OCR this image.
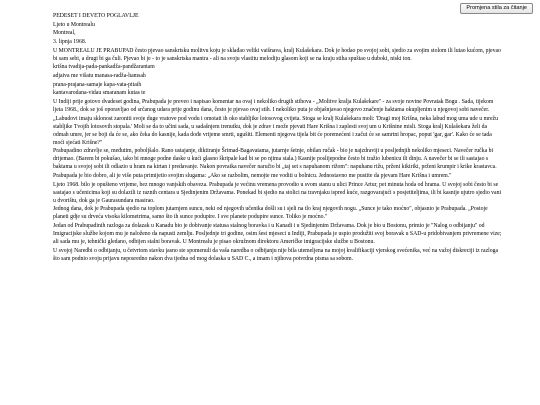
Promjena stila za čitanje

PEDESET I DEVETO POGLAVLJE

Ljeto u Montrealu

Montreal,

3. lipnja 1968.

U MONTREALU JE PRABUPAD često pjevao sanskrtsku molitvu koju je sklađao veliki vaišnava, kralj Kulašekara. Dok je hodao po svojoj sobi, sjedio za svojim stolom ili lutao kućom, pjevao bi sam sebi, a drugi bi ga čuli. Pjevao bi je - to je sanskrtska mantra - ali na svoju vlastitu melodiju glasom koji se na kraju stiha spuštao u duboki, niski ton.

krišna tvadija-pada-pankadža-pandžarantam

adjaiva me višatu manasa-radža-hamsah

prana-prajana-samaje kapa-vata-pitaih

kantavarodana-vidau smaranam kutas te

U Indiji prije gotovo dvadeset godina, Prabupada je preveo i napisao komentar na ovaj i nekoliko drugih stihova - „Molitve kralja Kulašekare" - za svoje novine Povratak Bogu . Sada, tijekom ljeta 1968., dok se još oporavljao od srčanog udara prije godinu dana, često je pjevao ovaj stih. I nekoliko puta je objašnjavao njegovo značenje haktama okupljenim u njegovoj sobi navečer.

„Labudovi imaju sklonost zaroniti svoje duge vratove pod vodu i omotati ih oko stabljike lotosovog cvijeta. Stoga se kralj Kulašekara moli: 'Dragi moj Krišna, neka labud mog uma ude u mrežu stabljike Tvojih lotosovih stopala.' Moli se da to učini sada, u sadašnjem trenutku, dok je zdrav i može pjevati Hare Krišna i zaplesti svoj um u Krišnine misli. Stoga kralj Kulašekara želi da odmah umre, jer se boji da će se, ako čeka do kasnije, kada dođe vrijeme smrti, ugušiti. Elementi njegova tijela bit će poremećeni i začut će se samrtni hropac, poput 'gar, gar'. Kako će se tada moći sjećati Krišne?"

Prabupadino zdravlje se, međutim, poboljšalo. Rano ustajanje, diktiranje Šrimad-Bagavatama, jutarnje šetnje, obilan ručak - bio je najzdraviji u posljednjih nekoliko mjeseci. Navečer ručka bi drijemao. (Barem bi pokušao, iako bi mnoge podne daske u kući glasno škripale kad bi se po njima stala.) Kasnije poslijepodne često bi tražio lubenicu ili dinju. A navečer bi se ili sastajao s baktama u svojoj sobi ili odlazio u hram na kirtan i predavanje. Nakon povratka navečer naručio bi „taj set s napuhanom rižom": napuhanu rižu, prženi kikiriki, prženi krumpir i krike krastavca.

Prabupada je bio dobro, ali je više puta primijetio svojim slugama: „Ako se razbolim, nemojte me voditi u bolnicu. Jednostavno me pustite da pjevam Hare Krišna i umrem."

Ljeto 1968. bilo je opušteno vrijeme, bez mnogo vanjskih obaveza. Prabupada je većinu vremena provodio u svom stanu u ulici Prince Artur, pet minuta hoda od hrama. U svojoj sobi često bi se sastajao s učenicima koji su dolazili iz raznih centara u Sjedinjenim Državama. Ponekad bi sjedio na stolici na travnjaku ispred kuće, razgovarajući s posjetiteljima, ili bi kasnije ujutro sjedio vani u dvorištu, dok ga je Gaurasundara masirao.

Jednog dana, dok je Prabupada sjedio na toplom jutarnjem suncu, neki od njegovih učenika došli su i sjeli na tlo kraj njegovih nogu. „Sunce je tako moćno", objasnio je Prabupada. „Postoje planeti gdje su drveća visoka kilometrima, samo što ih sunce podupire. I sve planete podupire sunce. Toliko je moćno."

Jedan od Prabupadinih razloga za dolazak u Kanadu bio je dobivanje statusa stalnog boravka i u Kanadi i u Sjedinjenim Državama. Dok je bio u Bostonu, primio je "Nalog o odbijanju" od Imigracijske službe kojom mu je naloženo da napusti zemlju. Posljednje tri godine, osim šest mjeseci u Indiji, Prabupada je uspio produžiti svoj boravak u SAD-u pridobivanjem privremene vize; ali sada mu je, tehnički gledano, odbijen stalni boravak. U Montrealu je pisao okružnom direktoru Američke imigracijske službe u Bostonu.

U svojoj Naredbi o odbijanju, u četvrtom stavku jasno ste spomenuli da vaša naredba o odbijanju nije bila utemeljena na mojoj kvalifikaciji vjerskog svećenika, već na važoj diskreciji iz razloga što sam podnio svoju prijavu neposredno nakon dva tjedna od mog dolaska u SAD C., a imam i njihova potvrdna pisma sa sobom.
